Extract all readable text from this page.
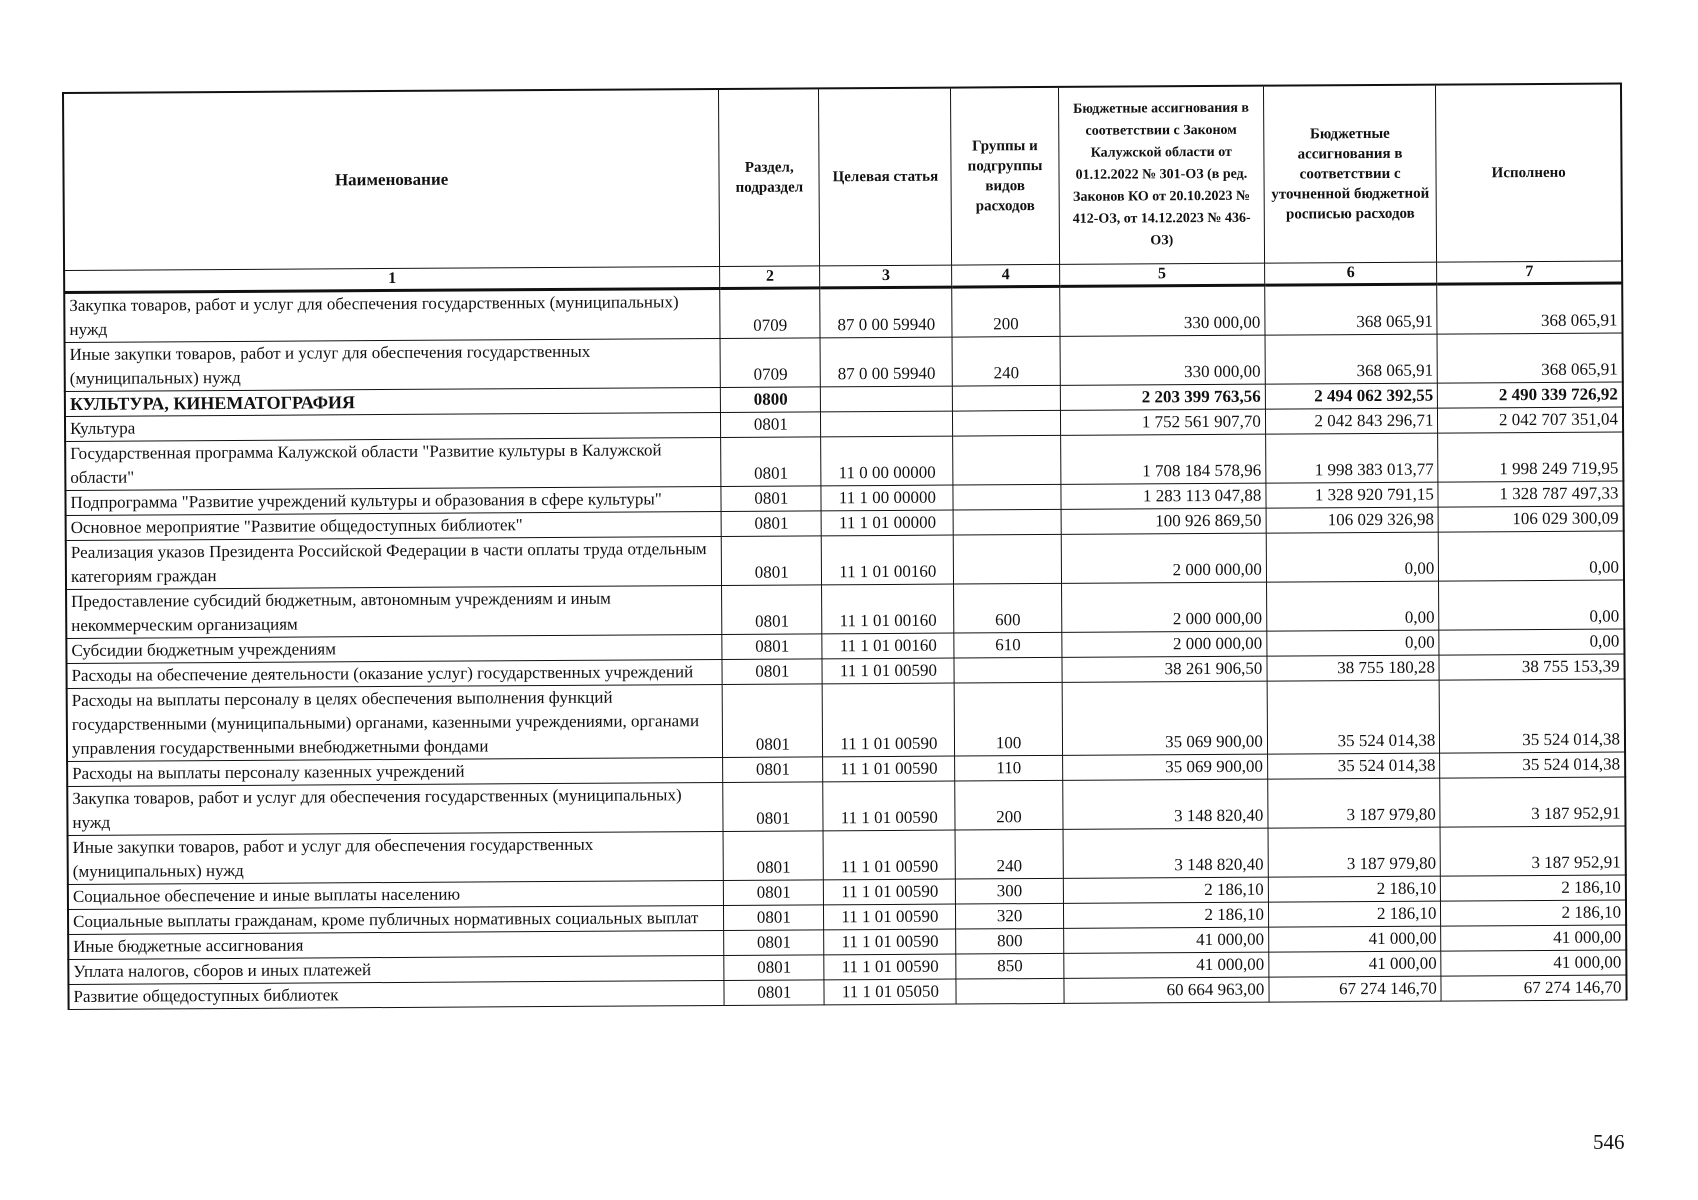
Наименование	Раздел, подраздел	Целевая статья	Группы и подгруппы видов расходов	Бюджетные ассигнования в соответствии с Законом Калужской области от 01.12.2022 № 301-ОЗ (в ред. Законов КО от 20.10.2023 № 412-ОЗ, от 14.12.2023 № 436-ОЗ)	Бюджетные ассигнования в соответствии с уточненной бюджетной росписью расходов	Исполнено
1	2	3	4	5	6	7
Закупка товаров, работ и услуг для обеспечения государственных (муниципальных) нужд	0709	87 0 00 59940	200	330 000,00	368 065,91	368 065,91
Иные закупки товаров, работ и услуг для обеспечения государственных (муниципальных) нужд	0709	87 0 00 59940	240	330 000,00	368 065,91	368 065,91
КУЛЬТУРА, КИНЕМАТОГРАФИЯ	0800			2 203 399 763,56	2 494 062 392,55	2 490 339 726,92
Культура	0801			1 752 561 907,70	2 042 843 296,71	2 042 707 351,04
Государственная программа Калужской области "Развитие культуры в Калужской области"	0801	11 0 00 00000		1 708 184 578,96	1 998 383 013,77	1 998 249 719,95
Подпрограмма "Развитие учреждений культуры и образования в сфере культуры"	0801	11 1 00 00000		1 283 113 047,88	1 328 920 791,15	1 328 787 497,33
Основное мероприятие "Развитие общедоступных библиотек"	0801	11 1 01 00000		100 926 869,50	106 029 326,98	106 029 300,09
Реализация указов Президента Российской Федерации в части оплаты труда отдельным категориям граждан	0801	11 1 01 00160		2 000 000,00	0,00	0,00
Предоставление субсидий бюджетным, автономным учреждениям и иным некоммерческим организациям	0801	11 1 01 00160	600	2 000 000,00	0,00	0,00
Субсидии бюджетным учреждениям	0801	11 1 01 00160	610	2 000 000,00	0,00	0,00
Расходы на обеспечение деятельности (оказание услуг) государственных учреждений	0801	11 1 01 00590		38 261 906,50	38 755 180,28	38 755 153,39
Расходы на выплаты персоналу в целях обеспечения выполнения функций государственными (муниципальными) органами, казенными учреждениями, органами управления государственными внебюджетными фондами	0801	11 1 01 00590	100	35 069 900,00	35 524 014,38	35 524 014,38
Расходы на выплаты персоналу казенных учреждений	0801	11 1 01 00590	110	35 069 900,00	35 524 014,38	35 524 014,38
Закупка товаров, работ и услуг для обеспечения государственных (муниципальных) нужд	0801	11 1 01 00590	200	3 148 820,40	3 187 979,80	3 187 952,91
Иные закупки товаров, работ и услуг для обеспечения государственных (муниципальных) нужд	0801	11 1 01 00590	240	3 148 820,40	3 187 979,80	3 187 952,91
Социальное обеспечение и иные выплаты населению	0801	11 1 01 00590	300	2 186,10	2 186,10	2 186,10
Социальные выплаты гражданам, кроме публичных нормативных социальных выплат	0801	11 1 01 00590	320	2 186,10	2 186,10	2 186,10
Иные бюджетные ассигнования	0801	11 1 01 00590	800	41 000,00	41 000,00	41 000,00
Уплата налогов, сборов и иных платежей	0801	11 1 01 00590	850	41 000,00	41 000,00	41 000,00
Развитие общедоступных библиотек	0801	11 1 01 05050		60 664 963,00	67 274 146,70	67 274 146,70
546
